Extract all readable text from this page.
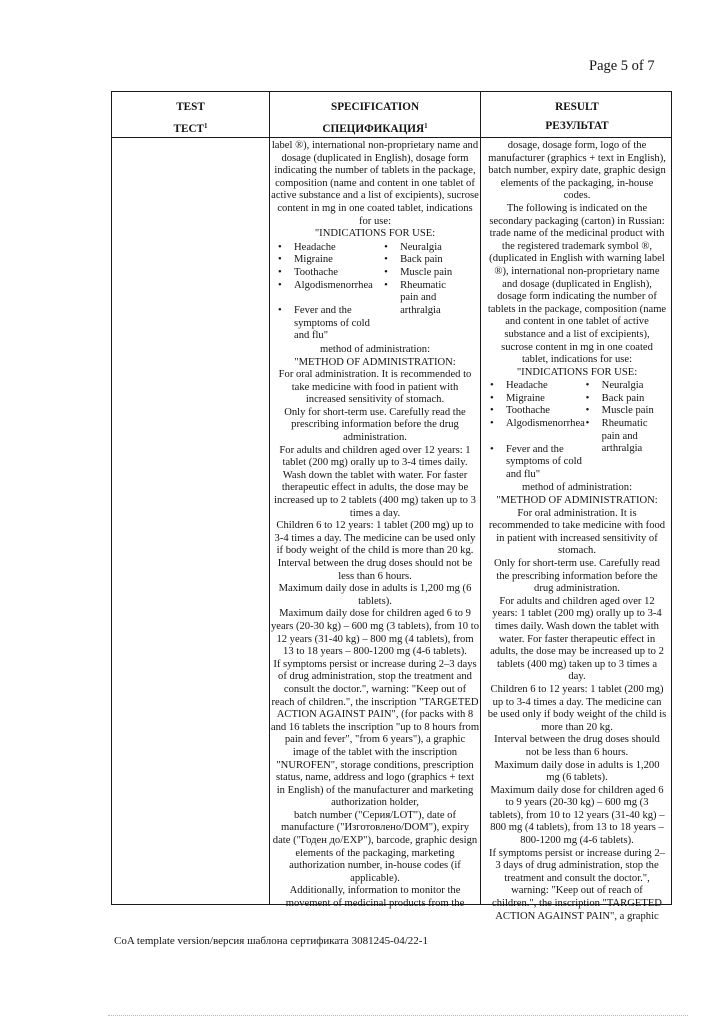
Page 5 of 7
TEST
ТЕСТ$^1$
SPECIFICATION
СПЕЦИФИКАЦИЯ$^1$
RESULT
РЕЗУЛЬТАТ

label ®), international non-proprietary name and

dosage (duplicated in English), dosage form

indicating the number of tablets in the package,

composition (name and content in one tablet of

active substance and a list of excipients), sucrose

content in mg in one coated tablet, indications

for use:

"INDICATIONS FOR USE:

• Headache
• Migraine
• Toothache
• Algodismenorrhea
• Fever and the
symptoms of cold
and flu"
• Neuralgia
• Back pain
• Muscle pain
• Rheumatic
pain and
arthralgia

method of administration:

"METHOD OF ADMINISTRATION:

For oral administration. It is recommended to

take medicine with food in patient with

increased sensitivity of stomach.

Only for short-term use. Carefully read the

prescribing information before the drug

administration.

For adults and children aged over 12 years: 1

tablet (200 mg) orally up to 3-4 times daily.

Wash down the tablet with water. For faster

therapeutic effect in adults, the dose may be

increased up to 2 tablets (400 mg) taken up to 3

times a day.

Children 6 to 12 years: 1 tablet (200 mg) up to

3-4 times a day. The medicine can be used only

if body weight of the child is more than 20 kg.

Interval between the drug doses should not be

less than 6 hours.

Maximum daily dose in adults is 1,200 mg (6

tablets).

Maximum daily dose for children aged 6 to 9

years (20-30 kg) – 600 mg (3 tablets), from 10 to

12 years (31-40 kg) – 800 mg (4 tablets), from

13 to 18 years – 800-1200 mg (4-6 tablets).

If symptoms persist or increase during 2–3 days

of drug administration, stop the treatment and

consult the doctor.", warning: "Keep out of

reach of children.", the inscription "TARGETED

ACTION AGAINST PAIN", (for packs with 8

and 16 tablets the inscription "up to 8 hours from

pain and fever", "from 6 years"), a graphic

image of the tablet with the inscription

"NUROFEN", storage conditions, prescription

status, name, address and logo (graphics + text

in English) of the manufacturer and marketing

authorization holder,

batch number ("Серия/LOT"), date of

manufacture ("Изготовлено/DOM"), expiry

date ("Годен до/EXP"), barcode, graphic design

elements of the packaging, marketing

authorization number, in-house codes (if

applicable).

Additionally, information to monitor the

movement of medicinal products from the

dosage, dosage form, logo of the

manufacturer (graphics + text in English),

batch number, expiry date, graphic design

elements of the packaging, in-house

codes.

The following is indicated on the

secondary packaging (carton) in Russian:

trade name of the medicinal product with

the registered trademark symbol ®,

(duplicated in English with warning label

®), international non-proprietary name

and dosage (duplicated in English),

dosage form indicating the number of

tablets in the package, composition (name

and content in one tablet of active

substance and a list of excipients),

sucrose content in mg in one coated

tablet, indications for use:

"INDICATIONS FOR USE:

• Headache
• Migraine
• Toothache
• Algodismenorrhea
• Fever and the
symptoms of cold
and flu"
• Neuralgia
• Back pain
• Muscle pain
• Rheumatic
pain and
arthralgia

method of administration:

"METHOD OF ADMINISTRATION:

For oral administration. It is

recommended to take medicine with food

in patient with increased sensitivity of

stomach.

Only for short-term use. Carefully read

the prescribing information before the

drug administration.

For adults and children aged over 12

years: 1 tablet (200 mg) orally up to 3-4

times daily. Wash down the tablet with

water. For faster therapeutic effect in

adults, the dose may be increased up to 2

tablets (400 mg) taken up to 3 times a

day.

Children 6 to 12 years: 1 tablet (200 mg)

up to 3-4 times a day. The medicine can

be used only if body weight of the child is

more than 20 kg.

Interval between the drug doses should

not be less than 6 hours.

Maximum daily dose in adults is 1,200

mg (6 tablets).

Maximum daily dose for children aged 6

to 9 years (20-30 kg) – 600 mg (3

tablets), from 10 to 12 years (31-40 kg) –

800 mg (4 tablets), from 13 to 18 years –

800-1200 mg (4-6 tablets).

If symptoms persist or increase during 2–

3 days of drug administration, stop the

treatment and consult the doctor.",

warning: "Keep out of reach of

children.", the inscription "TARGETED

ACTION AGAINST PAIN", a graphic

CoA template version/версия шаблона сертификата 3081245-04/22-1
